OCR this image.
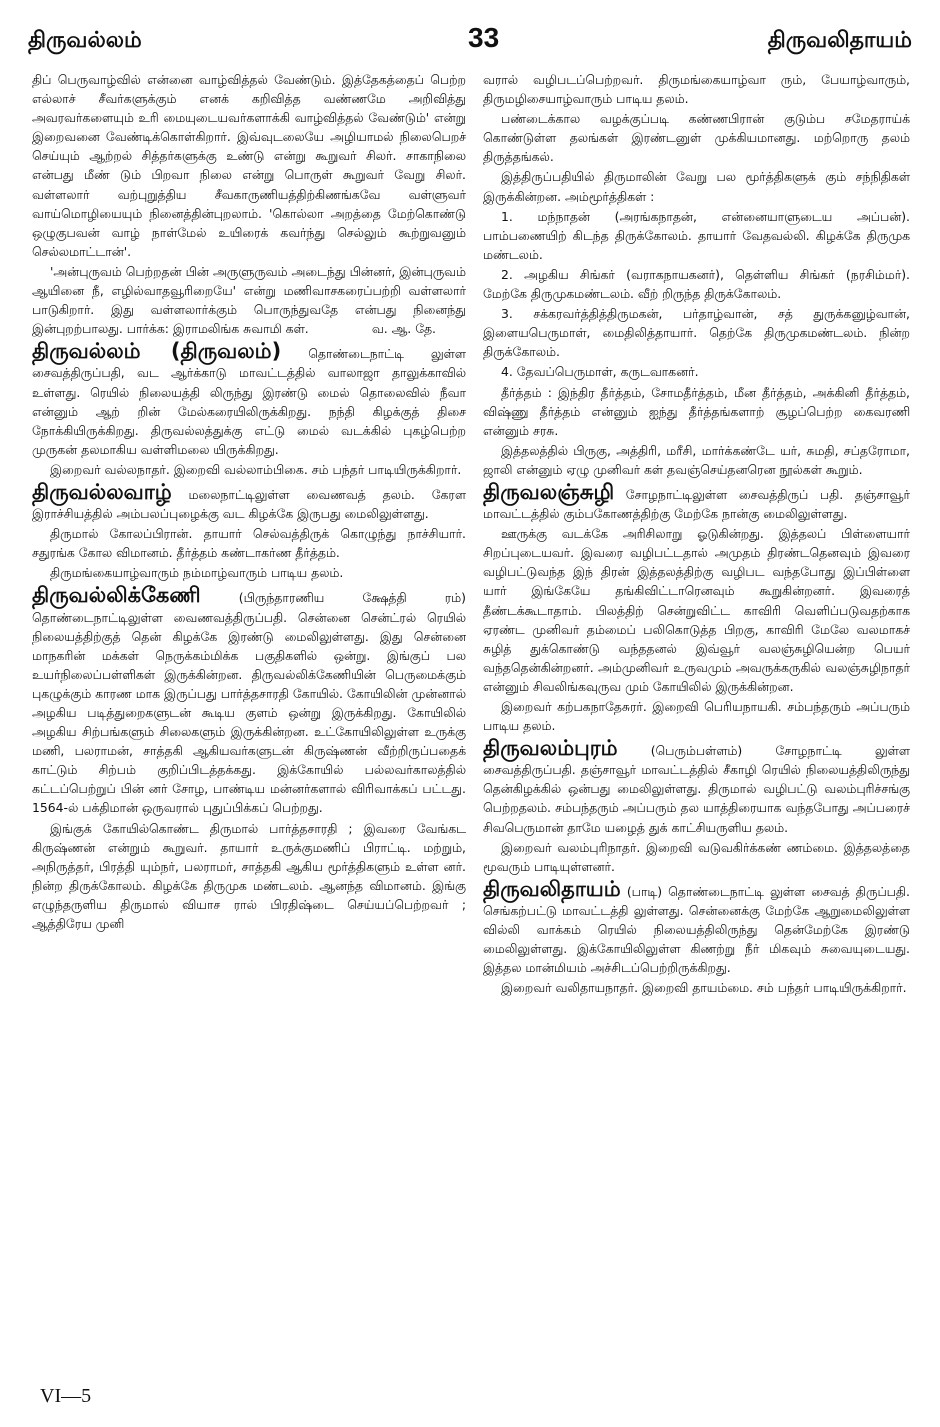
திருவல்லம்	33	திருவலிதாயம்

திப் பெருவாழ்வில் என்னை வாழ்வித்தல் வேண்டும். இத்தேகத்தைப் பெற்ற எல்லாச் சீவர்களுக்கும் எனக் கறிவித்த வண்ணமே அறிவித்து அவரவர்களையும் உரி மையுடையவர்களாக்கி வாழ்வித்தல் வேண்டும்' என்று இறைவனை வேண்டிக்கொள்கிறார். இவ்வுடலையே அழியாமல் நிலைபெறச் செய்யும் ஆற்றல் சித்தர்களுக்கு உண்டு என்று கூறுவர் சிலர். சாகாநிலை என்பது மீண் டும் பிறவா நிலை என்று பொருள் கூறுவர் வேறு சிலர். வள்ளலார் வற்புறுத்திய சீவகாருணியத்திற்கிணங்கவே வள்ளுவர் வாய்மொழியையும் நினைத்தின்புறலாம். 'கொல்லா அறத்தை மேற்கொண்டு ஒழுகுபவன் வாழ் நாள்மேல் உயிரைக் கவர்ந்து செல்லும் கூற்றுவனும் செல்லமாட்டான்'.

'அன்புருவம் பெற்றதன் பின் அருளுருவம் அடைந்து பின்னர், இன்புருவம் ஆயினை நீ, எழில்வாதவூரிறையே' என்று மணிவாசகரைப்பற்றி வள்ளலார் பாடுகிறார். இது வள்ளலார்க்கும் பொருந்துவதே என்பது நினைந்து இன்புறற்பாலது. பார்க்க: இராமலிங்க சுவாமி கள்.	வ. ஆ. தே.

திருவல்லம் (திருவலம்) தொண்டைநாட்டி லுள்ள சைவத்திருப்பதி, வட ஆர்க்காடு மாவட்டத்தில் வாலாஜா தாலுக்காவில் உள்ளது. ரெயில் நிலையத்தி லிருந்து இரண்டு மைல் தொலைவில் நீவா என்னும் ஆற் றின் மேல்கரையிலிருக்கிறது. நந்தி கிழக்குத் திசை நோக்கியிருக்கிறது. திருவல்லத்துக்கு எட்டு மைல் வடக்கில் புகழ்பெற்ற முருகன் தலமாகிய வள்ளிமலை யிருக்கிறது.

இறைவர் வல்லநாதர். இறைவி வல்லாம்பிகை. சம் பந்தர் பாடியிருக்கிறார்.

திருவல்லவாழ் மலைநாட்டிலுள்ள வைணவத் தலம். கேரள இராச்சியத்தில் அம்பலப்புழைக்கு வட கிழக்கே இருபது மைலிலுள்ளது.

திருமால் கோலப்பிரான். தாயார் செல்வத்திருக் கொழுந்து நாச்சியார். சதுரங்க கோல விமானம். தீர்த்தம் கண்டாகர்ண தீர்த்தம்.

திருமங்கையாழ்வாரும் நம்மாழ்வாரும் பாடிய தலம்.

திருவல்லிக்கேணி	(பிருந்தாரணிய க்ஷேத்தி ரம்) தொண்டைநாட்டிலுள்ள வைணவத்திருப்பதி. சென்னை சென்ட்ரல் ரெயில் நிலையத்திற்குத் தென் கிழக்கே இரண்டு மைலிலுள்ளது. இது சென்னை மாநகரின் மக்கள் நெருக்கம்மிக்க பகுதிகளில் ஒன்று. இங்குப் பல உயர்நிலைப்பள்ளிகள் இருக்கின்றன. திருவல்லிக்கேணியின் பெருமைக்கும் புகழுக்கும் காரண மாக இருப்பது பார்த்தசாரதி கோயில். கோயிலின் முன்னால் அழகிய படித்துறைகளுடன் கூடிய குளம் ஒன்று இருக்கிறது. கோயிலில் அழகிய சிற்பங்களும் சிலைகளும் இருக்கின்றன. உட்கோயிலிலுள்ள உருக்கு மணி, பலராமன், சாத்தகி ஆகியவர்களுடன் கிருஷ்ணன் வீற்றிருப்பதைக் காட்டும் சிற்பம் குறிப்பிடத்தக்கது. இக்கோயில் பல்லவர்காலத்தில் கட்டப்பெற்றுப் பின் னர் சோழ, பாண்டிய மன்னர்களால் விரிவாக்கப் பட்டது. 1564-ல் பக்திமான் ஒருவரால் புதுப்பிக்கப் பெற்றது.

இங்குக் கோயில்கொண்ட திருமால் பார்த்தசாரதி ; இவரை வேங்கட கிருஷ்ணன் என்றும் கூறுவர். தாயார் உருக்குமணிப் பிராட்டி. மற்றும், அநிருத்தர், பிரத்தி யும்நர், பலராமர், சாத்தகி ஆகிய மூர்த்திகளும் உள்ள னர். நின்ற திருக்கோலம். கிழக்கே திருமுக மண்டலம். ஆனந்த விமானம். இங்கு எழுந்தருளிய திருமால் வியாச ரால் பிரதிஷ்டை செய்யப்பெற்றவர் ; ஆத்திரேய முனி

வரால் வழிபடப்பெற்றவர். திருமங்கையாழ்வா ரும், பேயாழ்வாரும், திருமழிசையாழ்வாரும் பாடிய தலம்.

பண்டைக்கால வழக்குப்படி கண்ணபிரான் குடும்ப சமேதராய்க் கொண்டுள்ள தலங்கள் இரண்டனுள் முக்கியமானது. மற்றொரு தலம் திருத்தங்கல்.

இத்திருப்பதியில் திருமாலின் வேறு பல மூர்த்திகளுக் கும் சந்நிதிகள் இருக்கின்றன. அம்மூர்த்திகள் :

1. மந்நாதன் (அரங்கநாதன், என்னையாளுடைய அப்பன்). பாம்பணையிற் கிடந்த திருக்கோலம். தாயார் வேதவல்லி. கிழக்கே திருமுக மண்டலம்.

2. அழகிய சிங்கர் (வராகநாயகனர்), தெள்ளிய சிங்கர் (நரசிம்மர்). மேற்கே திருமுகமண்டலம். வீற் றிருந்த திருக்கோலம்.

3. சக்கரவர்த்தித்திருமகன், பர்தாழ்வான், சத் துருக்கனுழ்வான், இளையபெருமாள், மைதிலித்தாயார். தெற்கே திருமுகமண்டலம். நின்ற திருக்கோலம்.

4. தேவப்பெருமாள், கருடவாகனர்.

தீர்த்தம் : இந்திர தீர்த்தம், சோமதீர்த்தம், மீன தீர்த்தம், அக்கினி தீர்த்தம், விஷ்ணு தீர்த்தம் என்னும் ஐந்து தீர்த்தங்களாற் சூழப்பெற்ற கைவரணி என்னும் சரசு.

இத்தலத்தில் பிருகு, அத்திரி, மரீசி, மார்க்கண்டே யர், சுமதி, சப்தரோமா, ஜாலி என்னும் ஏழு முனிவர் கள் தவஞ்செய்தனரென நூல்கள் கூறும்.

திருவலஞ்சுழி சோழநாட்டிலுள்ள சைவத்திருப் பதி. தஞ்சாவூர் மாவட்டத்தில் கும்பகோணத்திற்கு மேற்கே நான்கு மைலிலுள்ளது.

ஊருக்கு வடக்கே அரிசிலாறு ஓடுகின்றது. இத்தலப் பிள்ளையார் சிறப்புடையவர். இவரை வழிபட்டதால் அமுதம் திரண்டதெனவும் இவரை வழிபட்டுவந்த இந் திரன் இத்தலத்திற்கு வழிபட வந்தபோது இப்பிள்ளை யார் இங்கேயே தங்கிவிட்டாரெனவும் கூறுகின்றனர். இவரைத் தீண்டக்கூடாதாம். பிலத்திற் சென்றுவிட்ட காவிரி வெளிப்படுவதற்காக ஏரண்ட முனிவர் தம்மைப் பலிகொடுத்த பிறகு, காவிரி மேலே வலமாகச் சுழித் துக்கொண்டு வந்ததனல் இவ்வூர் வலஞ்சுழியென்ற பெயர் வந்ததென்கின்றனர். அம்முனிவர் உருவமும் அவருக்கருகில் வலஞ்சுழிநாதர் என்னும் சிவலிங்கவுருவ மும் கோயிலில் இருக்கின்றன.

இறைவர் கற்பகநாதேசுரர். இறைவி பெரியநாயகி. சம்பந்தரும் அப்பரும் பாடிய தலம்.

திருவலம்புரம்	(பெரும்பள்ளம்) சோழநாட்டி லுள்ள சைவத்திருப்பதி. தஞ்சாவூர் மாவட்டத்தில் சீகாழி ரெயில் நிலையத்திலிருந்து தென்கிழக்கில் ஒன்பது மைலிலுள்ளது. திருமால் வழிபட்டு வலம்புரிச்சங்கு பெற்றதலம். சம்பந்தரும் அப்பரும் தல யாத்திரையாக வந்தபோது அப்பரைச் சிவபெருமான் தாமே யழைத் துக் காட்சியருளிய தலம்.

இறைவர் வலம்புரிநாதர். இறைவி வடுவகிர்க்கண் ணம்மை. இத்தலத்தை மூவரும் பாடியுள்ளனர்.

திருவலிதாயம் (பாடி) தொண்டைநாட்டி லுள்ள சைவத் திருப்பதி. செங்கற்பட்டு மாவட்டத்தி லுள்ளது. சென்னைக்கு மேற்கே ஆறுமைலிலுள்ள வில்லி வாக்கம் ரெயில் நிலையத்திலிருந்து தென்மேற்கே இரண்டு மைலிலுள்ளது. இக்கோயிலிலுள்ள கிணற்று நீர் மிகவும் சுவையுடையது. இத்தல மான்மியம் அச்சிடப்பெற்றிருக்கிறது.

இறைவர் வலிதாயநாதர். இறைவி தாயம்மை. சம் பந்தர் பாடியிருக்கிறார்.

VI—5
